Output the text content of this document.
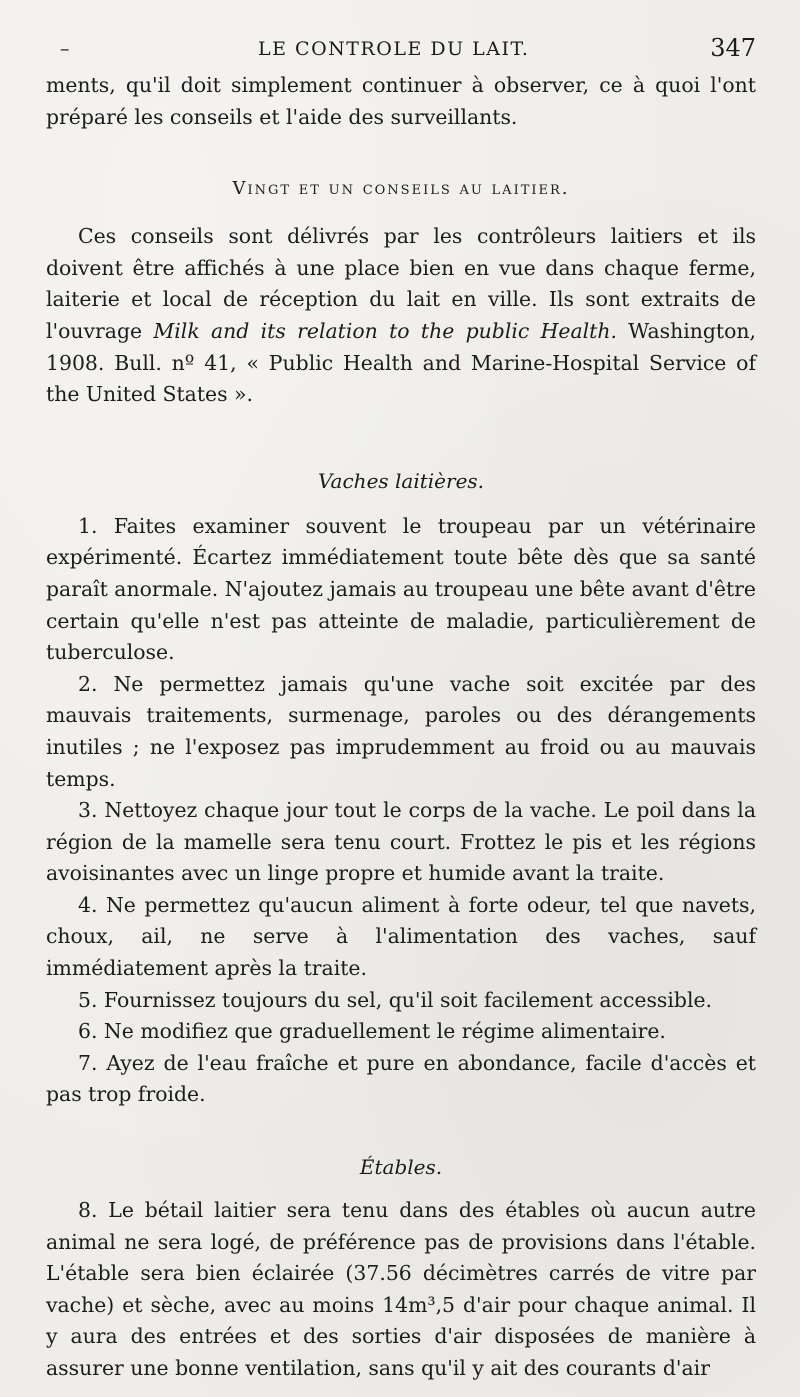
–	LE CONTROLE DU LAIT.	347

ments, qu'il doit simplement continuer à observer, ce à quoi l'ont préparé les conseils et l'aide des surveillants.

Vingt et un conseils au laitier.

Ces conseils sont délivrés par les contrôleurs laitiers et ils doivent être affichés à une place bien en vue dans chaque ferme, laiterie et local de réception du lait en ville. Ils sont extraits de l'ouvrage Milk and its relation to the public Health. Washington, 1908. Bull. nº 41, « Public Health and Marine-Hospital Service of the United States ».

Vaches laitières.

1. Faites examiner souvent le troupeau par un vétérinaire expérimenté. Écartez immédiatement toute bête dès que sa santé paraît anormale. N'ajoutez jamais au troupeau une bête avant d'être certain qu'elle n'est pas atteinte de maladie, particulièrement de tuberculose.

2. Ne permettez jamais qu'une vache soit excitée par des mauvais traitements, surmenage, paroles ou des dérangements inutiles ; ne l'exposez pas imprudemment au froid ou au mauvais temps.

3. Nettoyez chaque jour tout le corps de la vache. Le poil dans la région de la mamelle sera tenu court. Frottez le pis et les régions avoisinantes avec un linge propre et humide avant la traite.

4. Ne permettez qu'aucun aliment à forte odeur, tel que navets, choux, ail, ne serve à l'alimentation des vaches, sauf immédiatement après la traite.

5. Fournissez toujours du sel, qu'il soit facilement accessible.

6. Ne modifiez que graduellement le régime alimentaire.

7. Ayez de l'eau fraîche et pure en abondance, facile d'accès et pas trop froide.

Étables.

8. Le bétail laitier sera tenu dans des étables où aucun autre animal ne sera logé, de préférence pas de provisions dans l'étable. L'étable sera bien éclairée (37.56 décimètres carrés de vitre par vache) et sèche, avec au moins 14m³,5 d'air pour chaque animal. Il y aura des entrées et des sorties d'air disposées de manière à assurer une bonne ventilation, sans qu'il y ait des courants d'air
